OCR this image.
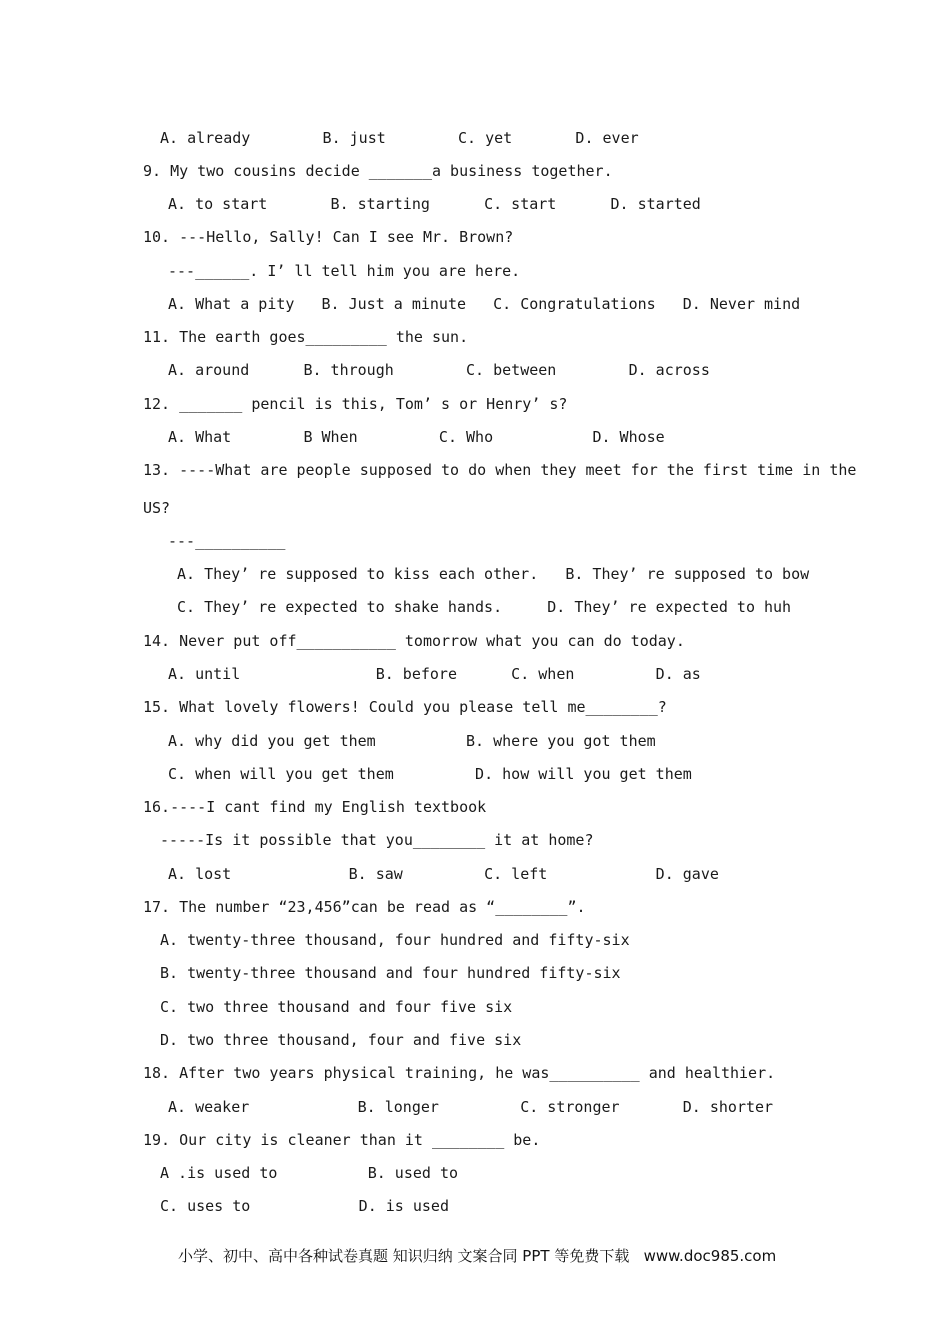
A. already        B. just        C. yet       D. ever
9. My two cousins decide _______a business together.
A. to start       B. starting      C. start      D. started
10. ---Hello, Sally! Can I see Mr. Brown?
---______. I’ ll tell him you are here.
A. What a pity   B. Just a minute   C. Congratulations   D. Never mind
11. The earth goes_________ the sun.
A. around      B. through        C. between        D. across
12. _______ pencil is this, Tom’ s or Henry’ s?
A. What        B When         C. Who           D. Whose
13. ----What are people supposed to do when they meet for the first time in the
US?
---__________
A. They’ re supposed to kiss each other.   B. They’ re supposed to bow
C. They’ re expected to shake hands.     D. They’ re expected to huh
14. Never put off___________ tomorrow what you can do today.
A. until               B. before      C. when         D. as
15. What lovely flowers! Could you please tell me________?
A. why did you get them          B. where you got them
C. when will you get them         D. how will you get them
16.----I cant find my English textbook
-----Is it possible that you________ it at home?
A. lost             B. saw         C. left            D. gave
17. The number “23,456”can be read as “________”.
A. twenty-three thousand, four hundred and fifty-six
B. twenty-three thousand and four hundred fifty-six
C. two three thousand and four five six
D. two three thousand, four and five six
18. After two years physical training, he was__________ and healthier.
A. weaker            B. longer         C. stronger       D. shorter
19. Our city is cleaner than it ________ be.
A .is used to          B. used to
C. uses to            D. is used
小学、初中、高中各种试卷真题 知识归纳 文案合同 PPT 等免费下载   www.doc985.com
